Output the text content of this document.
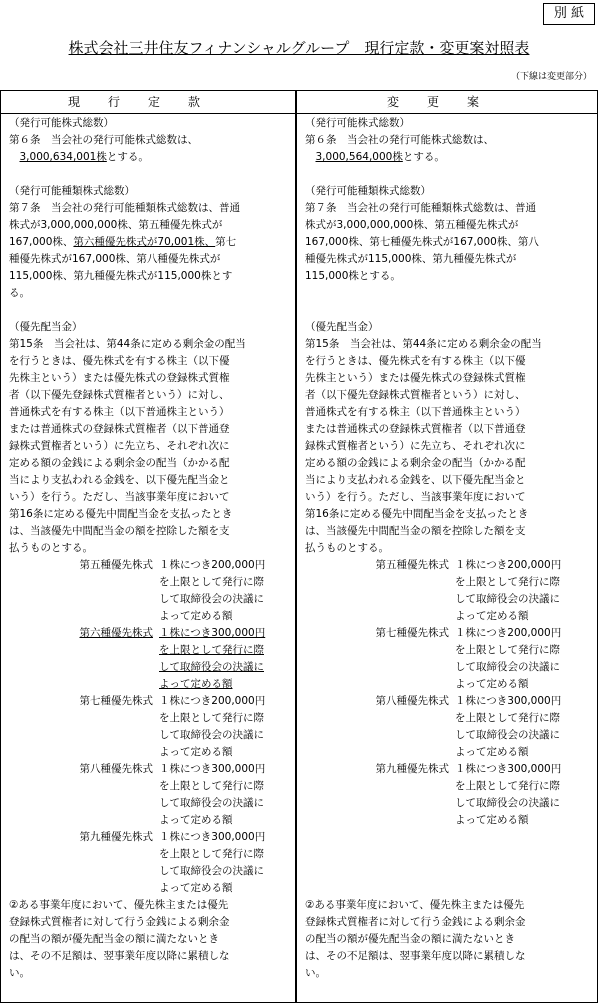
別 紙
株式会社三井住友フィナンシャルグループ　現行定款・変更案対照表
（下線は変更部分）
現行定款	変更案

（発行可能株式総数）

第６条　当会社の発行可能株式総数は、

　3,000,634,001株とする。

（発行可能種類株式総数）

第７条　当会社の発行可能種類株式総数は、普通

株式が3,000,000,000株、第五種優先株式が

167,000株、第六種優先株式が70,001株、第七

種優先株式が167,000株、第八種優先株式が

115,000株、第九種優先株式が115,000株とす

る。

（優先配当金）

第15条　当会社は、第44条に定める剰余金の配当

を行うときは、優先株式を有する株主（以下優

先株主という）または優先株式の登録株式質権

者（以下優先登録株式質権者という）に対し、

普通株式を有する株主（以下普通株主という）

または普通株式の登録株式質権者（以下普通登

録株式質権者という）に先立ち、それぞれ次に

定める額の金銭による剰余金の配当（かかる配

当により支払われる金銭を、以下優先配当金と

いう）を行う。ただし、当該事業年度において

第16条に定める優先中間配当金を支払ったとき

は、当該優先中間配当金の額を控除した額を支

払うものとする。

第五種優先株式 １株につき200,000円
を上限として発行に際
して取締役会の決議に
よって定める額
第六種優先株式 １株につき300,000円
を上限として発行に際
して取締役会の決議に
よって定める額
第七種優先株式 １株につき200,000円
を上限として発行に際
して取締役会の決議に
よって定める額
第八種優先株式 １株につき300,000円
を上限として発行に際
して取締役会の決議に
よって定める額
第九種優先株式 １株につき300,000円
を上限として発行に際
して取締役会の決議に
よって定める額

②ある事業年度において、優先株主または優先

登録株式質権者に対して行う金銭による剰余金

の配当の額が優先配当金の額に満たないとき

は、その不足額は、翌事業年度以降に累積しな

い。

（発行可能株式総数）

第６条　当会社の発行可能株式総数は、

　3,000,564,000株とする。

（発行可能種類株式総数）

第７条　当会社の発行可能種類株式総数は、普通

株式が3,000,000,000株、第五種優先株式が

167,000株、第七種優先株式が167,000株、第八

種優先株式が115,000株、第九種優先株式が

115,000株とする。

（優先配当金）

第15条　当会社は、第44条に定める剰余金の配当

を行うときは、優先株式を有する株主（以下優

先株主という）または優先株式の登録株式質権

者（以下優先登録株式質権者という）に対し、

普通株式を有する株主（以下普通株主という）

または普通株式の登録株式質権者（以下普通登

録株式質権者という）に先立ち、それぞれ次に

定める額の金銭による剰余金の配当（かかる配

当により支払われる金銭を、以下優先配当金と

いう）を行う。ただし、当該事業年度において

第16条に定める優先中間配当金を支払ったとき

は、当該優先中間配当金の額を控除した額を支

払うものとする。

第五種優先株式 １株につき200,000円
を上限として発行に際
して取締役会の決議に
よって定める額
第七種優先株式 １株につき200,000円
を上限として発行に際
して取締役会の決議に
よって定める額
第八種優先株式 １株につき300,000円
を上限として発行に際
して取締役会の決議に
よって定める額
第九種優先株式 １株につき300,000円
を上限として発行に際
して取締役会の決議に
よって定める額

②ある事業年度において、優先株主または優先

登録株式質権者に対して行う金銭による剰余金

の配当の額が優先配当金の額に満たないとき

は、その不足額は、翌事業年度以降に累積しな

い。
